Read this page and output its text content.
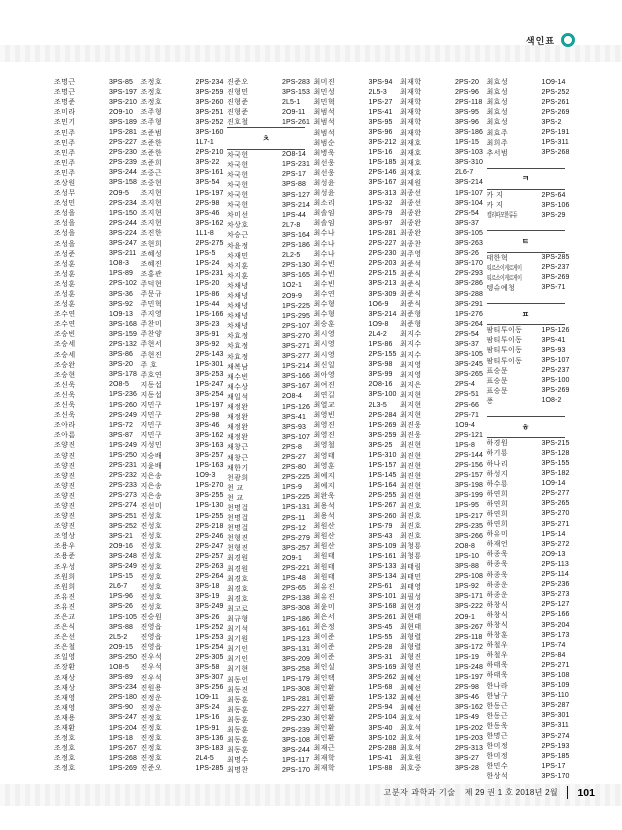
색인표
조명근	3PS-85
조명근	3PS-197
조명준	3PS-210
조미라	2O9-10
조민기	3PS-189
조민주	1PS-281
조민주	2PS-227
조민주	2PS-230
조민주	2PS-239
조민주	3PS-244
조상원	3PS-158
조성무	2O9-5
조성민	2PS-234
조성을	1PS-150
조성을	2PS-244
조성을	3PS-224
조성을	3PS-247
조성준	3PS-211
조성훈	1O8-3
조성훈	1PS-89
조성훈	2PS-102
조성훈	3PS-36
조성훈	3PS-92
조수연	1O9-13
조수연	3PS-168
조승빈	3PS-159
조승세	2PS-132
조승세	3PS-86
조승완	3PS-20
조승현	3PS-178
조신욱	2O8-5
조신욱	1PS-236
조신욱	1PS-260
조신욱	2PS-249
조아라	1PS-72
조아름	3PS-87
조양진	1PS-249
조양진	1PS-250
조양진	2PS-231
조양진	2PS-232
조양진	2PS-233
조양진	2PS-273
조양진	2PS-274
조양진	3PS-251
조양진	3PS-252
조영상	3PS-21
조용우	2O9-16
조용준	3PS-248
조우성	3PS-249
조원희	1PS-15
조원희	2L6-7
조유진	1PS-96
조유진	3PS-26
조은교	1PS-105
조은식	3PS-88
조은선	2L5-2
조은철	2O9-15
조일영	3PS-250
조장환	1O8-5
조재상	3PS-89
조재상	3PS-234
조재영	2PS-180
조재영	3PS-90
조재용	3PS-247
조재환	1PS-204
조정호	1PS-18
조정호	1PS-267
조정호	1PS-268
조정호	1PS-269
조정호	2PS-234
조정호	3PS-259
조정호	3PS-260
조주형	3PS-251
조주형	3PS-252
조준범	3PS-160
조준한	1L7-1
조준한	2PS-210
조준희	3PS-22
조중근	3PS-161
조중현	3PS-54
조지현	1PS-197
조지현	2PS-98
조지현	3PS-46
조지현	3PS-162
조진한	1L1-8
조현희	2PS-275
조혜성	1PS-5
조혜진	1PS-24
조홍관	1PS-231
주덕현	1PS-20
주문규	1PS-86
주민혁	1PS-44
주지영	1PS-166
주찬미	3PS-23
주찬양	3PS-91
주현서	3PS-92
주현진	2PS-143
주 호	1PS-301
주호연	3PS-253
지동섭	1PS-247
지동섭	3PS-254
지민구	1PS-197
지민구	2PS-98
지민구	3PS-46
지민구	3PS-162
지성민	3PS-163
지승배	3PS-257
지윤배	1PS-163
지은송	1O9-3
지은송	1PS-270
지은송	3PS-255
진선미	1PS-130
진성호	1PS-255
진성호	2PS-218
진성호	2PS-246
진성호	2PS-247
진성호	2PS-257
진성호	2PS-263
진성호	2PS-264
진성호	3PS-18
진성호	3PS-19
진성호	3PS-249
진승원	3PS-26
진영읍	1PS-252
진영읍	1PS-253
진영읍	1PS-254
진우석	2PS-305
진우석	3PS-58
진우석	3PS-307
진원용	3PS-256
진정운	1O9-11
진정운	3PS-24
진정호	1PS-16
진정호	1PS-91
진정호	3PS-136
진정호	3PS-183
진정호	2L4-5
진준오	1PS-285
진준오	2PS-283
진형민	3PS-153
진형준	2L5-1
진형준	2O9-11
진호철	1PS-261
ㅊ
차국헌	2O8-14
차국헌	1PS-231
차국헌	2PS-17
차국헌	3PS-88
차국헌	3PS-127
차국헌	3PS-214
차미선	1PS-44
차상호	2L7-8
차승근	3PS-164
차윤정	2PS-186
차재민	2L2-5
차지훈	2PS-130
차지훈	3PS-165
차채녕	1O2-1
차채녕	2O9-9
차채녕	1PS-225
차채녕	1PS-295
차채녕	2PS-107
차효정	3PS-270
차효정	3PS-271
차효정	3PS-277
채복남	1PS-214
채수빈	3PS-166
채수상	3PS-167
채일석	2O8-4
채정완	1PS-126
채정완	3PS-41
채정완	3PS-93
채정완	3PS-107
채창근	2PS-8
채창근	2PS-27
채한기	2PS-80
천광희	2PS-225
천 교	1PS-9
천 교	1PS-225
천명걸	1PS-131
천명걸	2PS-11
천명걸	2PS-12
천형진	2PS-279
천형진	3PS-257
최경원	2O9-1
최경원	2PS-221
최경호	1PS-48
최경호	2PS-65
최경호	2PS-138
최고로	3PS-308
최규형	1PS-186
최기석	3PS-161
최기원	1PS-123
최기인	3PS-131
최기인	3PS-209
최기현	3PS-258
최동인	1PS-179
최동진	1PS-308
최동훈	1PS-281
최동훈	2PS-227
최동훈	2PS-230
최동훈	2PS-239
최동훈	3PS-108
최동훈	3PS-244
최명수	1PS-117
최명찬	2PS-170
최미진	3PS-94
최민성	2L5-3
최민혁	1PS-27
최범석	1PS-41
최범석	3PS-95
최범석	3PS-96
최범순	3PS-212
최병욱	1PS-16
최선웅	1PS-185
최선웅	2PS-146
최성윤	3PS-167
최성윤	3PS-313
최소리	1PS-32
최솔임	3PS-79
최솔임	3PS-97
최수나	1PS-281
최수나	2PS-227
최수나	2PS-230
최수빈	2PS-203
최수빈	2PS-215
최수빈	3PS-213
최수연	3PS-309
최수형	1O6-9
최수형	3PS-214
최승훈	1O9-8
최시영	2L4-2
최시영	1PS-86
최시영	2PS-155
최신일	3PS-98
최아영	3PS-99
최여진	2O8-16
최연길	3PS-100
최열교	2L3-5
최영빈	2PS-284
최영진	1PS-269
최영진	3PS-259
최영철	3PS-25
최영태	1PS-310
최영훈	1PS-157
최예지	1PS-145
최예지	1PS-164
최완욱	2PS-255
최용석	1PS-267
최용석	3PS-260
최원산	1PS-79
최원산	3PS-43
최원산	3PS-109
최원태	1PS-161
최원태	3PS-133
최원태	3PS-134
최유진	2PS-61
최유진	3PS-101
최윤미	3PS-168
최은서	3PS-261
최은정	3PS-45
최이준	1PS-55
최이준	2PS-28
최이준	3PS-31
최인실	3PS-169
최인택	3PS-262
최인환	1PS-68
최인환	1PS-132
최인환	2PS-94
최인환	2PS-104
최인환	3PS-40
최인환	3PS-102
최재근	2PS-288
최재학	1PS-41
최재학	1PS-88
최재학	2PS-20
최재학	2PS-96
최재학	2PS-118
최재학	3PS-95
최재학	3PS-96
최재학	3PS-186
최재호	1PS-15
최재호	3PS-103
최재호	3PS-310
최재호	2L6-7
최제원	3PS-214
최종선	1PS-107
최종선	3PS-104
최종완	2PS-54
최종완	3PS-37
최종완	3PS-105
최종찬	3PS-263
최주영	3PS-26
최준석	3PS-170
최준식	2PS-293
최준식	3PS-286
최준식	3PS-288
최준식	3PS-291
최준형	1PS-276
최준형	3PS-264
최지수	2PS-54
최지수	3PS-37
최지수	3PS-105
최지영	3PS-245
최지영	3PS-265
최지은	2PS-4
최지현	2PS-51
최지현	2PS-66
최지현	2PS-71
최진웅	1O9-4
최진웅	2PS-121
최진현	1PS-8
최진현	2PS-144
최진현	2PS-156
최진현	2PS-157
최진현	3PS-198
최진현	3PS-199
최진호	1PS-95
최진호	1PS-217
최진호	2PS-235
최진호	3PS-266
최청룡	2O8-8
최청룡	1PS-10
최태림	3PS-88
최태민	2PS-108
최태영	1PS-92
최필성	3PS-171
최현경	3PS-222
최현태	2O9-1
최현태	3PS-267
최형렬	2PS-118
최형렬	3PS-172
최형진	1PS-19
최형진	1PS-248
최혜선	1PS-197
최혜선	2PS-98
최혜선	3PS-46
최혜선	3PS-162
최호석	1PS-49
최호석	1PS-202
최호석	1PS-203
최호석	2PS-313
최호원	3PS-27
최호중	3PS-28
최효성	1O9-14
최효성	2PS-252
최효성	2PS-261
최효성	2PS-269
최효성	3PS-2
최효주	2PS-191
최희주	1PS-311
추서범	3PS-268
ㅋ
카 지	2PS-64
카 지	3PS-106
캘리따모한류듀	3PS-29
ㅌ
태한혁	3PS-285
티르소이게르게이	2PS-237
티르소이게르게이	3PS-269
텡슈예청	3PS-71
ㅍ
팜티투이동	1PS-126
팜티투이동	3PS-41
팜티투이동	3PS-93
팜티투이동	3PS-107
표승문	2PS-237
표승문	3PS-100
표승문	3PS-269
퐁	1O8-2
ㅎ
하경원	3PS-215
하기룡	3PS-128
하나리	3PS-155
하성지	3PS-182
하수룡	1O9-14
하연희	2PS-277
하연희	3PS-265
하연희	3PS-270
하연희	3PS-271
하유미	1PS-14
하재언	3PS-272
하종욱	2O9-13
하종욱	2PS-113
하종욱	2PS-114
하종운	2PS-236
하종운	3PS-273
하창식	2PS-127
하창식	2PS-166
하창식	3PS-204
하창훈	3PS-173
하철우	1PS-74
하철우	2PS-84
하태욱	2PS-271
하태욱	3PS-108
한나라	3PS-109
한남구	3PS-110
한동근	3PS-287
한동근	3PS-301
한동욱	3PS-311
한명근	3PS-274
한미정	2PS-193
한미정	3PS-185
한민수	1PS-17
한상석	3PS-170
고분자 과학과 기술 제 29 권 1 호 2018년 2월 101
